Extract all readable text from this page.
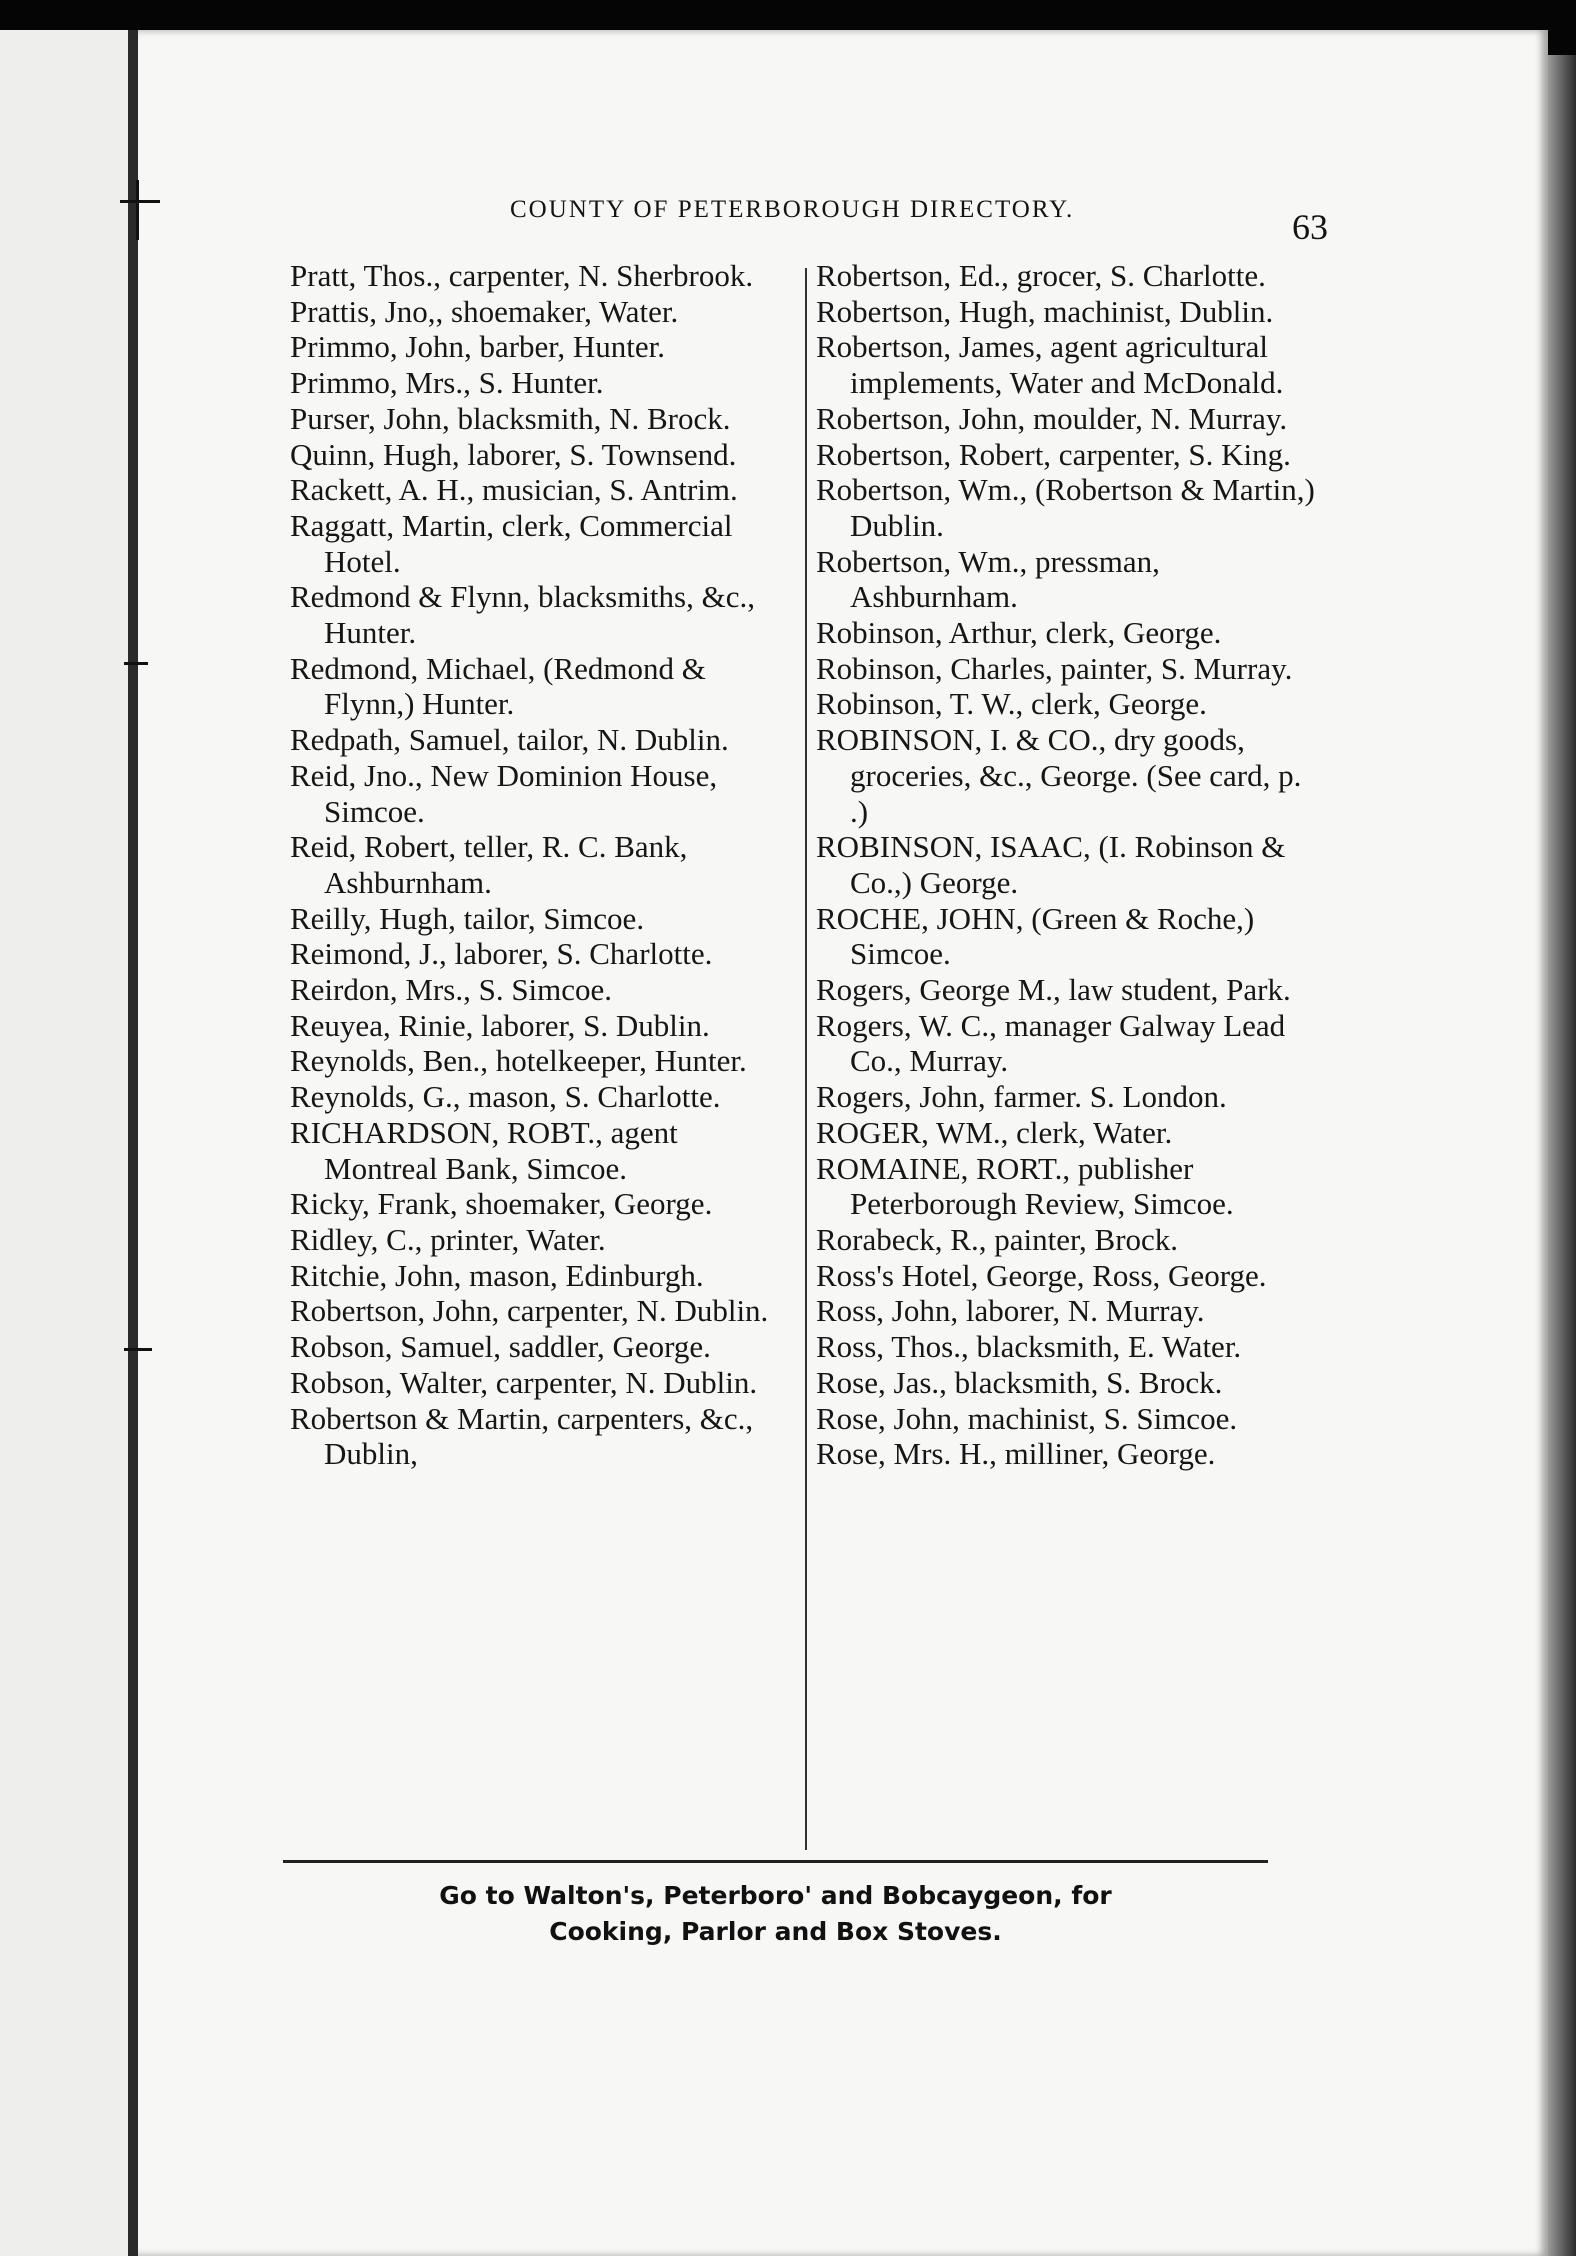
COUNTY OF PETERBOROUGH DIRECTORY.	63

Pratt, Thos., carpenter, N. Sherbrook.

Prattis, Jno,, shoemaker, Water.

Primmo, John, barber, Hunter.

Primmo, Mrs., S. Hunter.

Purser, John, blacksmith, N. Brock.

Quinn, Hugh, laborer, S. Townsend.

Rackett, A. H., musician, S. Antrim.

Raggatt, Martin, clerk, Commercial Hotel.

Redmond & Flynn, blacksmiths, &c., Hunter.

Redmond, Michael, (Redmond & Flynn,) Hunter.

Redpath, Samuel, tailor, N. Dublin.

Reid, Jno., New Dominion House, Simcoe.

Reid, Robert, teller, R. C. Bank, Ashburnham.

Reilly, Hugh, tailor, Simcoe.

Reimond, J., laborer, S. Charlotte.

Reirdon, Mrs., S. Simcoe.

Reuyea, Rinie, laborer, S. Dublin.

Reynolds, Ben., hotelkeeper, Hunter.

Reynolds, G., mason, S. Charlotte.

RICHARDSON, ROBT., agent Montreal Bank, Simcoe.

Ricky, Frank, shoemaker, George.

Ridley, C., printer, Water.

Ritchie, John, mason, Edinburgh.

Robertson, John, carpenter, N. Dublin.

Robson, Samuel, saddler, George.

Robson, Walter, carpenter, N. Dublin.

Robertson & Martin, carpenters, &c., Dublin,

Robertson, Ed., grocer, S. Charlotte.

Robertson, Hugh, machinist, Dublin.

Robertson, James, agent agricultural implements, Water and McDonald.

Robertson, John, moulder, N. Murray.

Robertson, Robert, carpenter, S. King.

Robertson, Wm., (Robertson & Martin,) Dublin.

Robertson, Wm., pressman, Ashburnham.

Robinson, Arthur, clerk, George.

Robinson, Charles, painter, S. Murray.

Robinson, T. W., clerk, George.

ROBINSON, I. & CO., dry goods, groceries, &c., George. (See card, p. .)

ROBINSON, ISAAC, (I. Robinson & Co.,) George.

ROCHE, JOHN, (Green & Roche,) Simcoe.

Rogers, George M., law student, Park.

Rogers, W. C., manager Galway Lead Co., Murray.

Rogers, John, farmer. S. London.

ROGER, WM., clerk, Water.

ROMAINE, RORT., publisher Peterborough Review, Simcoe.

Rorabeck, R., painter, Brock.

Ross's Hotel, George, Ross, George.

Ross, John, laborer, N. Murray.

Ross, Thos., blacksmith, E. Water.

Rose, Jas., blacksmith, S. Brock.

Rose, John, machinist, S. Simcoe.

Rose, Mrs. H., milliner, George.

Go to Walton's, Peterboro' and Bobcaygeon, for
Cooking, Parlor and Box Stoves.
